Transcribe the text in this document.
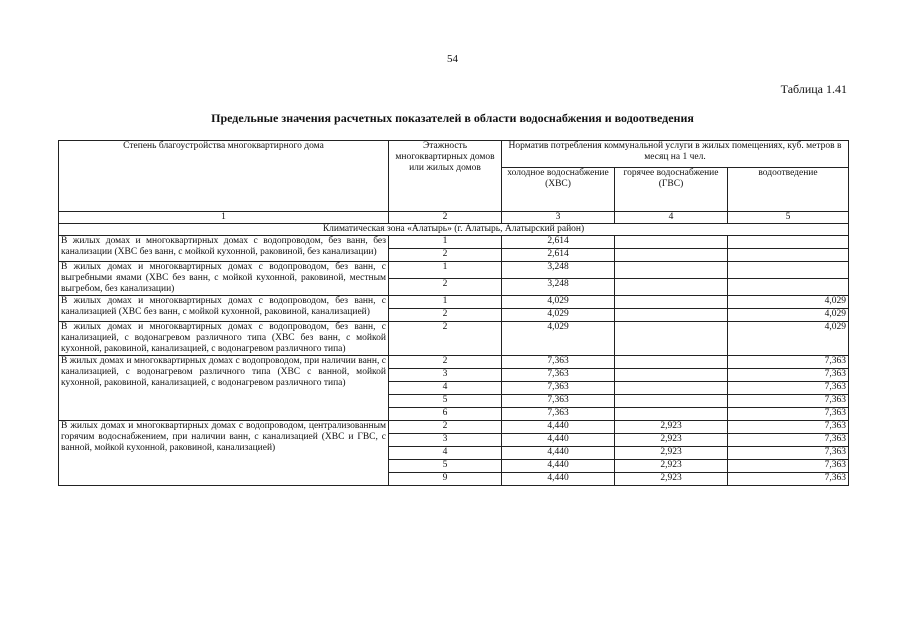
54
Таблица 1.41
Предельные значения расчетных показателей в области водоснабжения и водоотведения
Степень благоустройства многоквартирного дома	Этажность многоквартирных домов или жилых домов	Норматив потребления коммунальной услуги в жилых помещениях, куб. метров в месяц на 1 чел.		
		холодное водоснабжение (ХВС)	горячее водоснабжение (ГВС)	водоотведение
1	2	3	4	5
Климатическая зона «Алатырь» (г. Алатырь, Алатырский район)				
В жилых домах и многоквартирных домах с водопроводом, без ванн, без канализации (ХВС без ванн, с мойкой кухонной, раковиной, без канализации)	1	2,614		
	2	2,614		
В жилых домах и многоквартирных домах с водопроводом, без ванн, с выгребными ямами (ХВС без ванн, с мойкой кухонной, раковиной, местным выгребом, без канализации)	1	3,248		
	2	3,248		
В жилых домах и многоквартирных домах с водопроводом, без ванн, с канализацией (ХВС без ванн, с мойкой кухонной, раковиной, канализацией)	1	4,029		4,029
	2	4,029		4,029
В жилых домах и многоквартирных домах с водопроводом, без ванн, с канализацией, с водонагревом различного типа (ХВС без ванн, с мойкой кухонной, раковиной, канализацией, с водонагревом различного типа)	2	4,029		4,029
В жилых домах и многоквартирных домах с водопроводом, при наличии ванн, с канализацией, с водонагревом различного типа (ХВС с ванной, мойкой кухонной, раковиной, канализацией, с водонагревом различного типа)	2	7,363		7,363
	3	7,363		7,363
	4	7,363		7,363
	5	7,363		7,363
	6	7,363		7,363
В жилых домах и многоквартирных домах с водопроводом, централизованным горячим водоснабжением, при наличии ванн, с канализацией (ХВС и ГВС, с ванной, мойкой кухонной, раковиной, канализацией)	2	4,440	2,923	7,363
	3	4,440	2,923	7,363
	4	4,440	2,923	7,363
	5	4,440	2,923	7,363
	9	4,440	2,923	7,363
